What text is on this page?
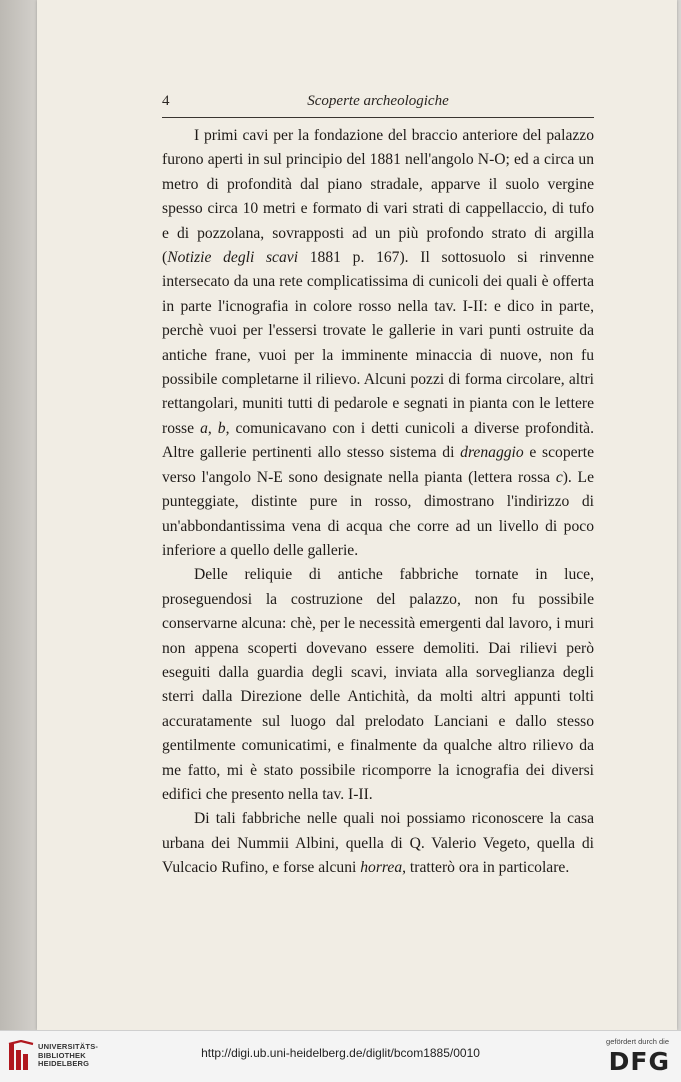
4	Scoperte archeologiche

I primi cavi per la fondazione del braccio anteriore del palazzo furono aperti in sul principio del 1881 nell'angolo N-O; ed a circa un metro di profondità dal piano stradale, apparve il suolo vergine spesso circa 10 metri e formato di vari strati di cappellaccio, di tufo e di pozzolana, sovrapposti ad un più profondo strato di argilla (Notizie degli scavi 1881 p. 167). Il sottosuolo si rinvenne intersecato da una rete complicatissima di cunicoli dei quali è offerta in parte l'icnografia in colore rosso nella tav. I-II: e dico in parte, perchè vuoi per l'essersi trovate le gallerie in vari punti ostruite da antiche frane, vuoi per la imminente minaccia di nuove, non fu possibile completarne il rilievo. Alcuni pozzi di forma circolare, altri rettangolari, muniti tutti di pedarole e segnati in pianta con le lettere rosse a, b, comunicavano con i detti cunicoli a diverse profondità. Altre gallerie pertinenti allo stesso sistema di drenaggio e scoperte verso l'angolo N-E sono designate nella pianta (lettera rossa c). Le punteggiate, distinte pure in rosso, dimostrano l'indirizzo di un'abbondantissima vena di acqua che corre ad un livello di poco inferiore a quello delle gallerie.

Delle reliquie di antiche fabbriche tornate in luce, proseguendosi la costruzione del palazzo, non fu possibile conservarne alcuna: chè, per le necessità emergenti dal lavoro, i muri non appena scoperti dovevano essere demoliti. Dai rilievi però eseguiti dalla guardia degli scavi, inviata alla sorveglianza degli sterri dalla Direzione delle Antichità, da molti altri appunti tolti accuratamente sul luogo dal prelodato Lanciani e dallo stesso gentilmente comunicatimi, e finalmente da qualche altro rilievo da me fatto, mi è stato possibile ricomporre la icnografia dei diversi edifici che presento nella tav. I-II.

Di tali fabbriche nelle quali noi possiamo riconoscere la casa urbana dei Nummii Albini, quella di Q. Valerio Vegeto, quella di Vulcacio Rufino, e forse alcuni horrea, tratterò ora in particolare.

UNIVERSITÄTS-
BIBLIOTHEK
HEIDELBERG
http://digi.ub.uni-heidelberg.de/diglit/bcom1885/0010
gefördert durch die
DFG
